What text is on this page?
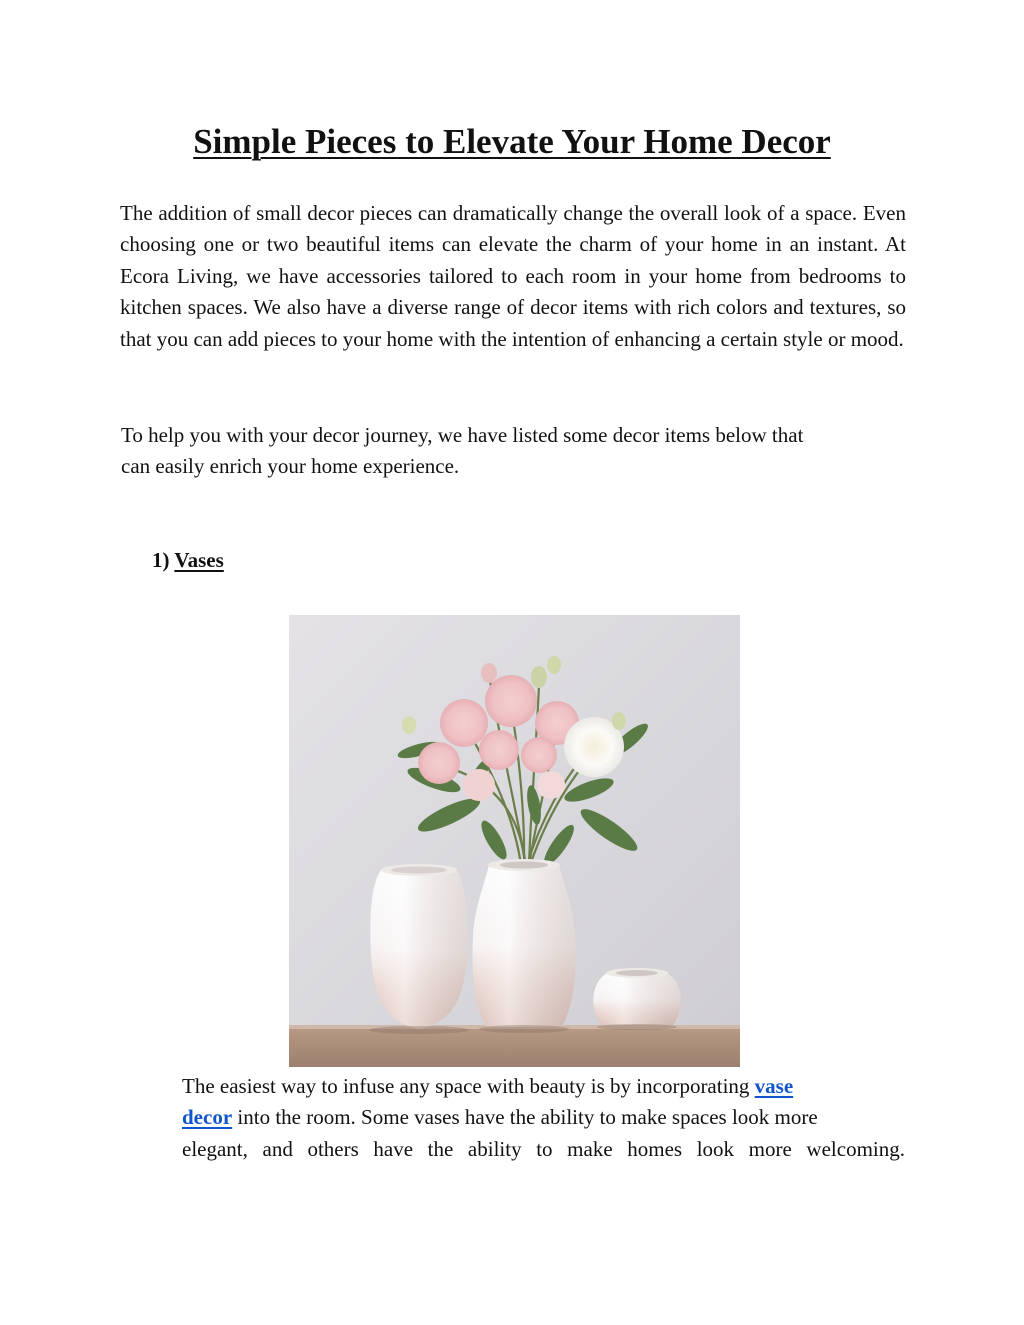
Simple Pieces to Elevate Your Home Decor

The addition of small decor pieces can dramatically change the overall look of a space. Even choosing one or two beautiful items can elevate the charm of your home in an instant. At Ecora Living, we have accessories tailored to each room in your home from bedrooms to kitchen spaces. We also have a diverse range of decor items with rich colors and textures, so that you can add pieces to your home with the intention of enhancing a certain style or mood.

To help you with your decor journey, we have listed some decor items below that
can easily enrich your home experience.

1) Vases

The easiest way to infuse any space with beauty is by incorporating vase
decor into the room. Some vases have the ability to make spaces look more
elegant, and others have the ability to make homes look more welcoming.
